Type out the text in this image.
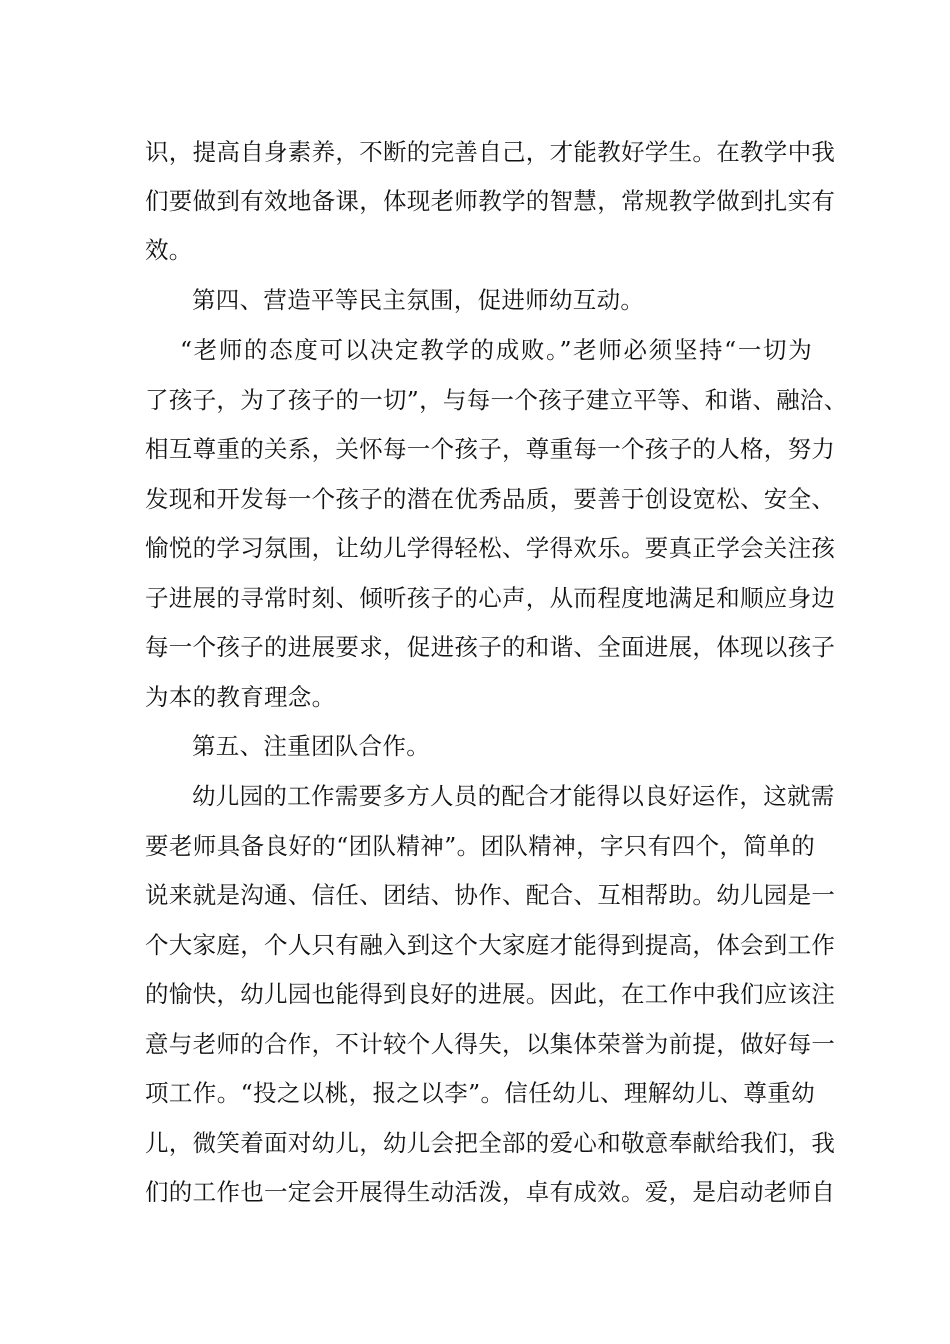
识，提高自身素养，不断的完善自己，才能教好学生。在教学中我
们要做到有效地备课，体现老师教学的智慧，常规教学做到扎实有
效。
第四、营造平等民主氛围，促进师幼互动。
“老师的态度可以决定教学的成败。”老师必须坚持“一切为
了孩子，为了孩子的一切”，与每一个孩子建立平等、和谐、融洽、
相互尊重的关系，关怀每一个孩子，尊重每一个孩子的人格，努力
发现和开发每一个孩子的潜在优秀品质，要善于创设宽松、安全、
愉悦的学习氛围，让幼儿学得轻松、学得欢乐。要真正学会关注孩
子进展的寻常时刻、倾听孩子的心声，从而程度地满足和顺应身边
每一个孩子的进展要求，促进孩子的和谐、全面进展，体现以孩子
为本的教育理念。
第五、注重团队合作。
幼儿园的工作需要多方人员的配合才能得以良好运作，这就需
要老师具备良好的“团队精神”。团队精神，字只有四个，简单的
说来就是沟通、信任、团结、协作、配合、互相帮助。幼儿园是一
个大家庭，个人只有融入到这个大家庭才能得到提高，体会到工作
的愉快，幼儿园也能得到良好的进展。因此，在工作中我们应该注
意与老师的合作，不计较个人得失，以集体荣誉为前提，做好每一
项工作。“投之以桃，报之以李”。信任幼儿、理解幼儿、尊重幼
儿，微笑着面对幼儿，幼儿会把全部的爱心和敬意奉献给我们，我
们的工作也一定会开展得生动活泼，卓有成效。爱，是启动老师自
